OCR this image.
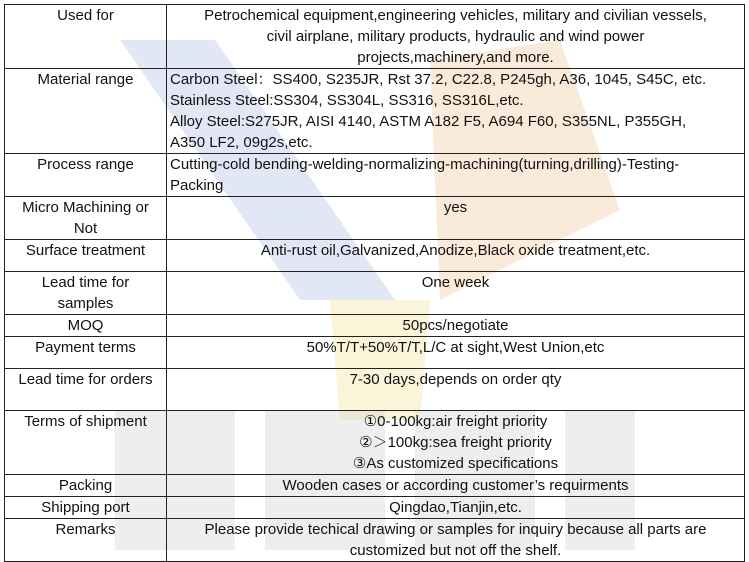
Used for	Petrochemical equipment,engineering vehicles, military and civilian vessels,
civil airplane, military products, hydraulic and wind power
projects,machinery,and more.

Material range	Carbon Steel：SS400, S235JR, Rst 37.2, C22.8, P245gh, A36, 1045, S45C, etc.
Stainless Steel:SS304, SS304L, SS316, SS316L,etc.
Alloy Steel:S275JR, AISI 4140, ASTM A182 F5, A694 F60, S355NL, P355GH,
A350 LF2, 09g2s,etc.

Process range	Cutting-cold bending-welding-normalizing-machining(turning,drilling)-Testing-
Packing

Micro Machining or
Not	yes
Surface treatment	Anti-rust oil,Galvanized,Anodize,Black oxide treatment,etc.

Lead time for
samples	One week
MOQ	50pcs/negotiate
Payment terms	50%T/T+50%T/T,L/C at sight,West Union,etc
Lead time for orders	7-30 days,depends on order qty
Terms of shipment	①0-100kg:air freight priority
②＞100kg:sea freight priority
③As customized specifications

Packing	Wooden cases or according customer’s requirments
Shipping port	Qingdao,Tianjin,etc.
Remarks	Please provide techical drawing or samples for inquiry because all parts are
customized but not off the shelf.
